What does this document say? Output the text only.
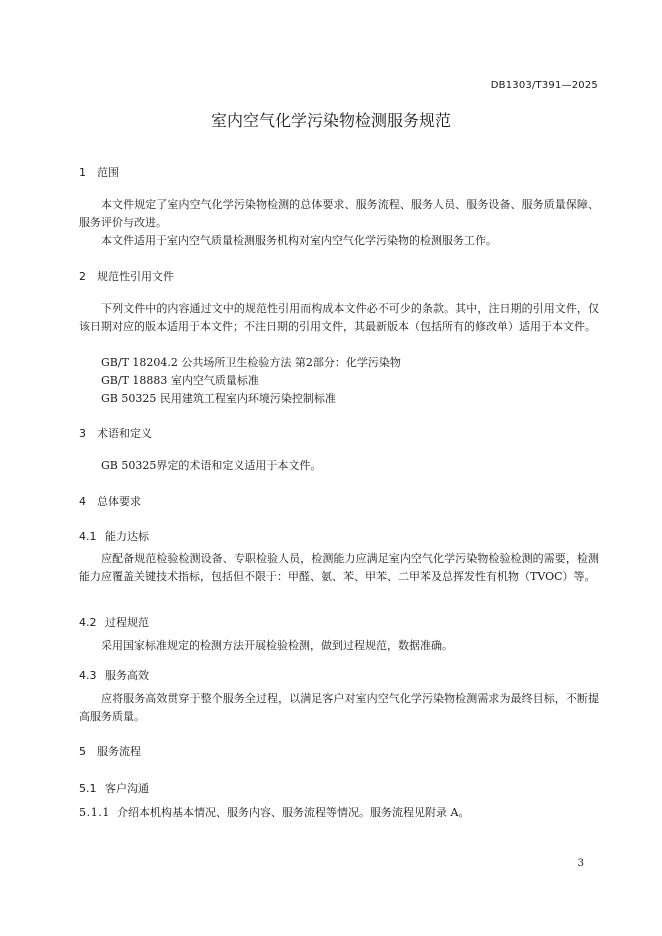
DB1303/T391—2025
室内空气化学污染物检测服务规范
1 范围
本文件规定了室内空气化学污染物检测的总体要求、服务流程、服务人员、服务设备、服务质量保障、服务评价与改进。
本文件适用于室内空气质量检测服务机构对室内空气化学污染物的检测服务工作。
2 规范性引用文件
下列文件中的内容通过文中的规范性引用而构成本文件必不可少的条款。其中，注日期的引用文件，仅该日期对应的版本适用于本文件；不注日期的引用文件，其最新版本（包括所有的修改单）适用于本文件。
GB/T 18204.2 公共场所卫生检验方法 第2部分：化学污染物
GB/T 18883 室内空气质量标准
GB 50325 民用建筑工程室内环境污染控制标准
3 术语和定义
GB 50325界定的术语和定义适用于本文件。
4 总体要求
4.1 能力达标
应配备规范检验检测设备、专职检验人员，检测能力应满足室内空气化学污染物检验检测的需要，检测能力应覆盖关键技术指标，包括但不限于：甲醛、氨、苯、甲苯、二甲苯及总挥发性有机物（TVOC）等。
4.2 过程规范
采用国家标准规定的检测方法开展检验检测，做到过程规范，数据准确。
4.3 服务高效
应将服务高效贯穿于整个服务全过程，以满足客户对室内空气化学污染物检测需求为最终目标，不断提高服务质量。
5 服务流程
5.1 客户沟通
5.1.1 介绍本机构基本情况、服务内容、服务流程等情况。服务流程见附录 A。
3
